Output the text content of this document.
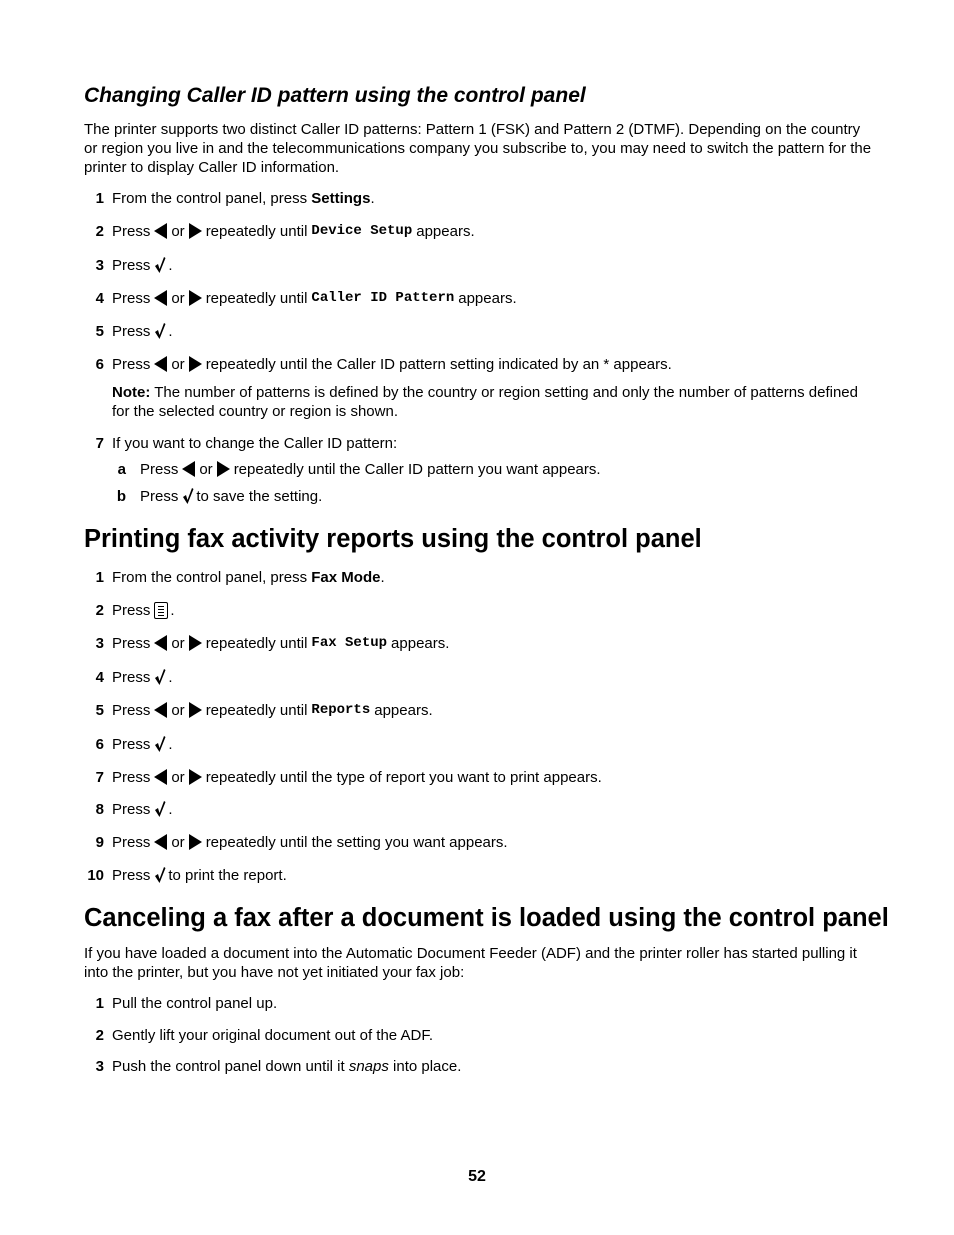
Changing Caller ID pattern using the control panel
The printer supports two distinct Caller ID patterns: Pattern 1 (FSK) and Pattern 2 (DTMF). Depending on the country or region you live in and the telecommunications company you subscribe to, you may need to switch the pattern for the printer to display Caller ID information.
1 From the control panel, press Settings .
2 Press or repeatedly until Device Setup appears.
3 Press .
4 Press or repeatedly until Caller ID Pattern appears.
5 Press .
6 Press or repeatedly until the Caller ID pattern setting indicated by an * appears.
Note: The number of patterns is defined by the country or region setting and only the number of patterns defined for the selected country or region is shown.
7 If you want to change the Caller ID pattern:
a Press or repeatedly until the Caller ID pattern you want appears.
b Press to save the setting.
Printing fax activity reports using the control panel
1 From the control panel, press Fax Mode .
2 Press .
3 Press or repeatedly until Fax Setup appears.
4 Press .
5 Press or repeatedly until Reports appears.
6 Press .
7 Press or repeatedly until the type of report you want to print appears.
8 Press .
9 Press or repeatedly until the setting you want appears.
10 Press to print the report.
Canceling a fax after a document is loaded using the control panel
If you have loaded a document into the Automatic Document Feeder (ADF) and the printer roller has started pulling it into the printer, but you have not yet initiated your fax job:
1 Pull the control panel up.
2 Gently lift your original document out of the ADF.
3 Push the control panel down until it snaps into place.
52
